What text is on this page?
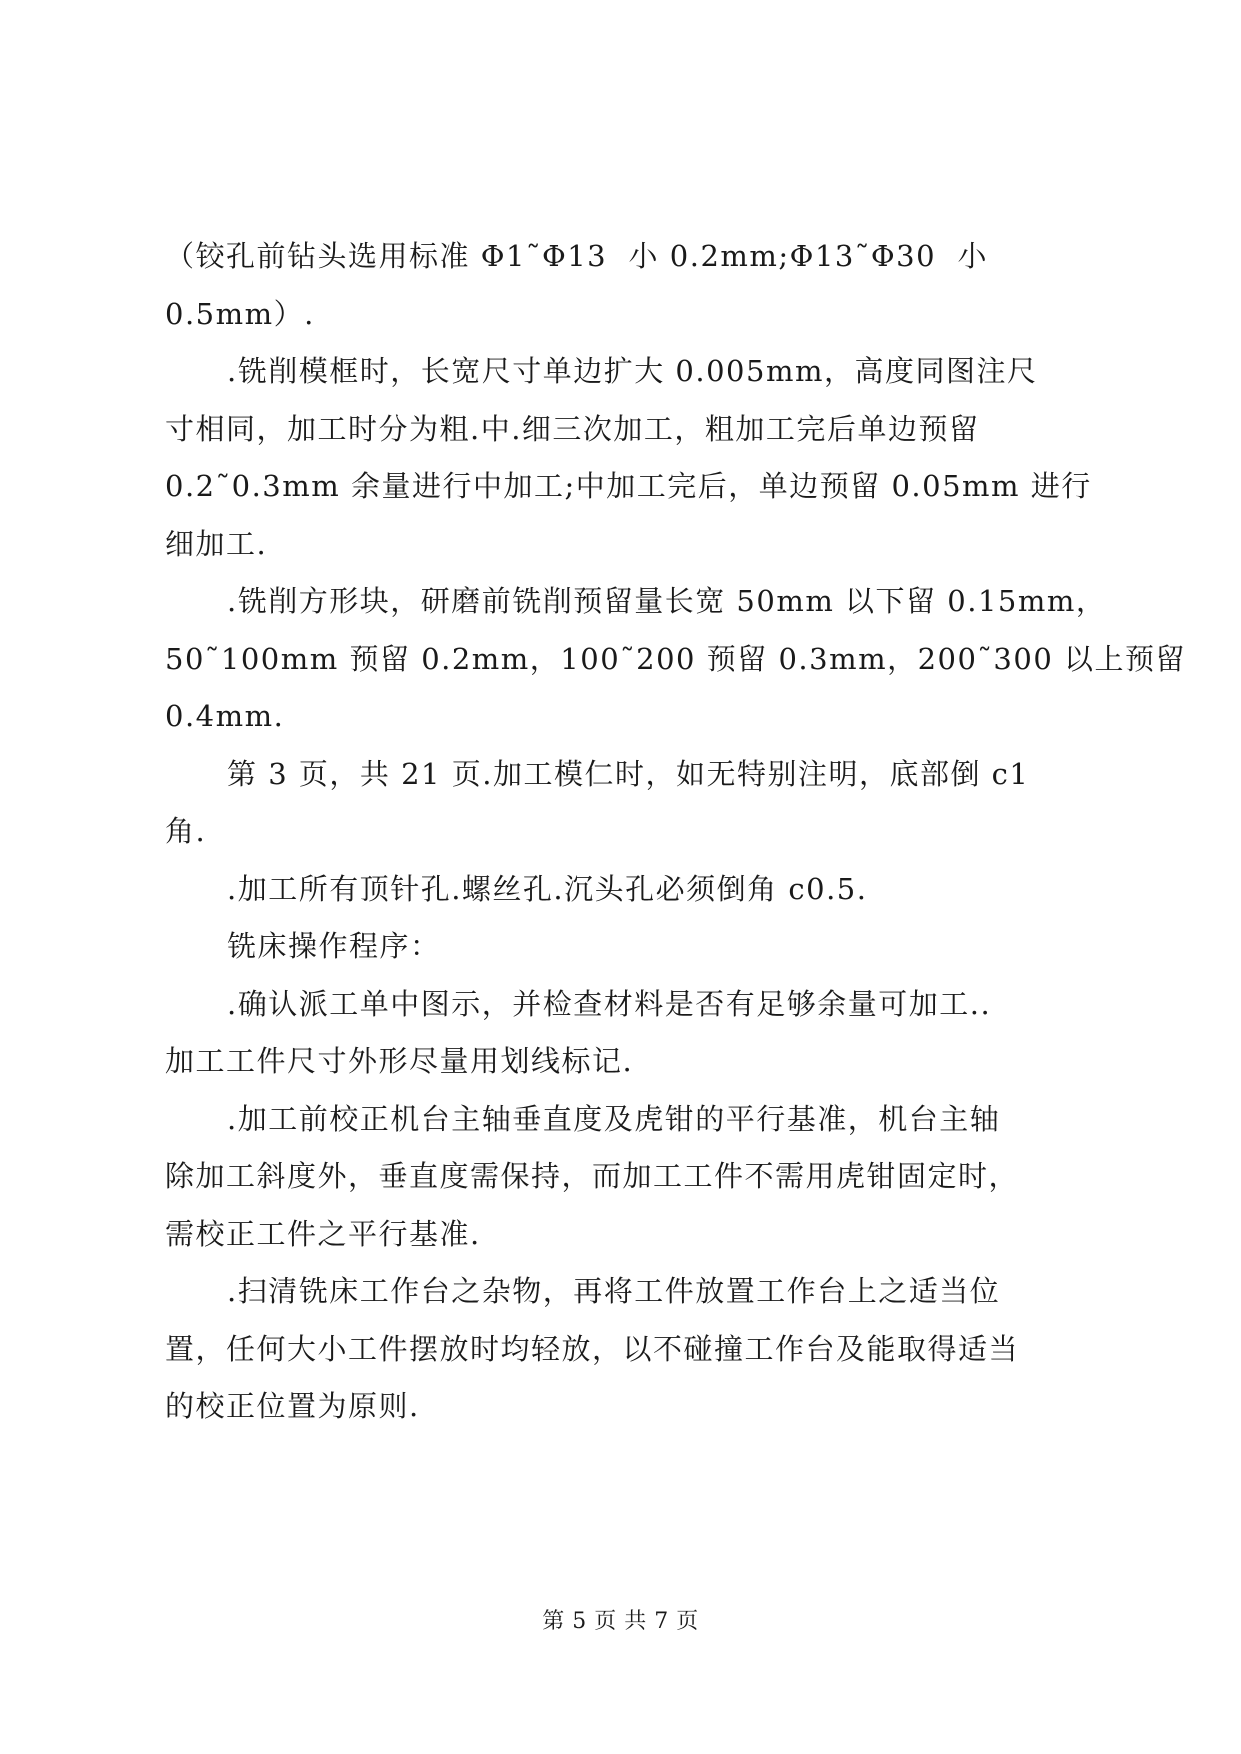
（铰孔前钻头选用标准 Φ1˜Φ13  小 0.2mm;Φ13˜Φ30  小
0.5mm）.
.铣削模框时，长宽尺寸单边扩大 0.005mm，高度同图注尺
寸相同，加工时分为粗.中.细三次加工，粗加工完后单边预留
0.2˜0.3mm 余量进行中加工;中加工完后，单边预留 0.05mm 进行
细加工.
.铣削方形块，研磨前铣削预留量长宽 50mm 以下留 0.15mm，
50˜100mm 预留 0.2mm，100˜200 预留 0.3mm，200˜300 以上预留
0.4mm.
第 3 页，共 21 页.加工模仁时，如无特别注明，底部倒 c1
角.
.加工所有顶针孔.螺丝孔.沉头孔必须倒角 c0.5.
铣床操作程序：
.确认派工单中图示，并检查材料是否有足够余量可加工..
加工工件尺寸外形尽量用划线标记.
.加工前校正机台主轴垂直度及虎钳的平行基准，机台主轴
除加工斜度外，垂直度需保持，而加工工件不需用虎钳固定时，
需校正工件之平行基准.
.扫清铣床工作台之杂物，再将工件放置工作台上之适当位
置，任何大小工件摆放时均轻放，以不碰撞工作台及能取得适当
的校正位置为原则.
第 5 页 共 7 页
